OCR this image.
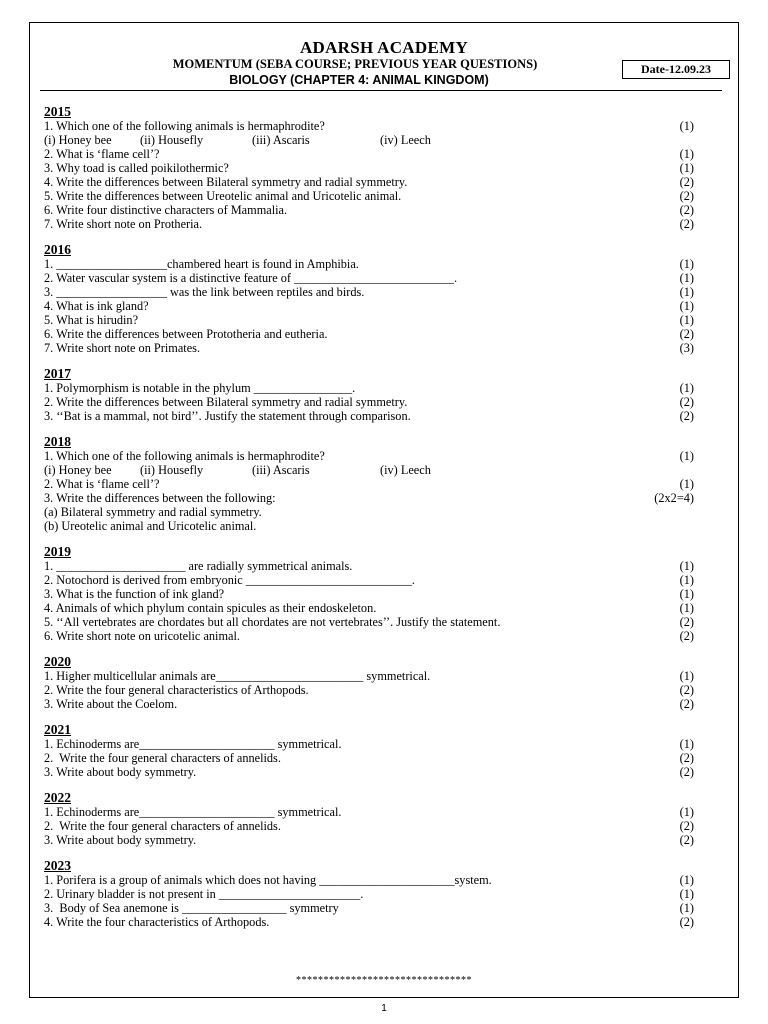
ADARSH ACADEMY
MOMENTUM (SEBA COURSE; PREVIOUS YEAR QUESTIONS)
BIOLOGY (CHAPTER 4: ANIMAL KINGDOM)
Date-12.09.23
2015
1. Which one of the following animals is hermaphrodite?	(1)
(i) Honey bee	(ii) Housefly	(iii) Ascaris	(iv) Leech
2. What is ‘flame cell’?	(1)
3. Why toad is called poikilothermic?	(1)
4. Write the differences between Bilateral symmetry and radial symmetry.	(2)
5. Write the differences between Ureotelic animal and Uricotelic animal.	(2)
6. Write four distinctive characters of Mammalia.	(2)
7. Write short note on Protheria.	(2)
2016
1. __________________chambered heart is found in Amphibia.	(1)
2. Water vascular system is a distinctive feature of __________________________.	(1)
3. __________________ was the link between reptiles and birds.	(1)
4. What is ink gland?	(1)
5. What is hirudin?	(1)
6. Write the differences between Prototheria and eutheria.	(2)
7. Write short note on Primates.	(3)
2017
1. Polymorphism is notable in the phylum ________________.	(1)
2. Write the differences between Bilateral symmetry and radial symmetry.	(2)
3. ‘‘Bat is a mammal, not bird’’. Justify the statement through comparison.	(2)
2018
1. Which one of the following animals is hermaphrodite?	(1)
(i) Honey bee	(ii) Housefly	(iii) Ascaris	(iv) Leech
2. What is ‘flame cell’?	(1)
3. Write the differences between the following:	(2x2=4)
(a) Bilateral symmetry and radial symmetry.
(b) Ureotelic animal and Uricotelic animal.
2019
1. _____________________ are radially symmetrical animals.	(1)
2. Notochord is derived from embryonic ___________________________.	(1)
3. What is the function of ink gland?	(1)
4. Animals of which phylum contain spicules as their endoskeleton.	(1)
5. ‘‘All vertebrates are chordates but all chordates are not vertebrates’’. Justify the statement.	(2)
6. Write short note on uricotelic animal.	(2)
2020
1. Higher multicellular animals are________________________ symmetrical.	(1)
2. Write the four general characteristics of Arthopods.	(2)
3. Write about the Coelom.	(2)
2021
1. Echinoderms are______________________ symmetrical.	(1)
2.  Write the four general characters of annelids.	(2)
3. Write about body symmetry.	(2)
2022
1. Echinoderms are______________________ symmetrical.	(1)
2.  Write the four general characters of annelids.	(2)
3. Write about body symmetry.	(2)
2023
1. Porifera is a group of animals which does not having ______________________system.	(1)
2. Urinary bladder is not present in _______________________.	(1)
3.  Body of Sea anemone is _________________ symmetry	(1)
4. Write the four characteristics of Arthopods.	(2)
********************************
1
